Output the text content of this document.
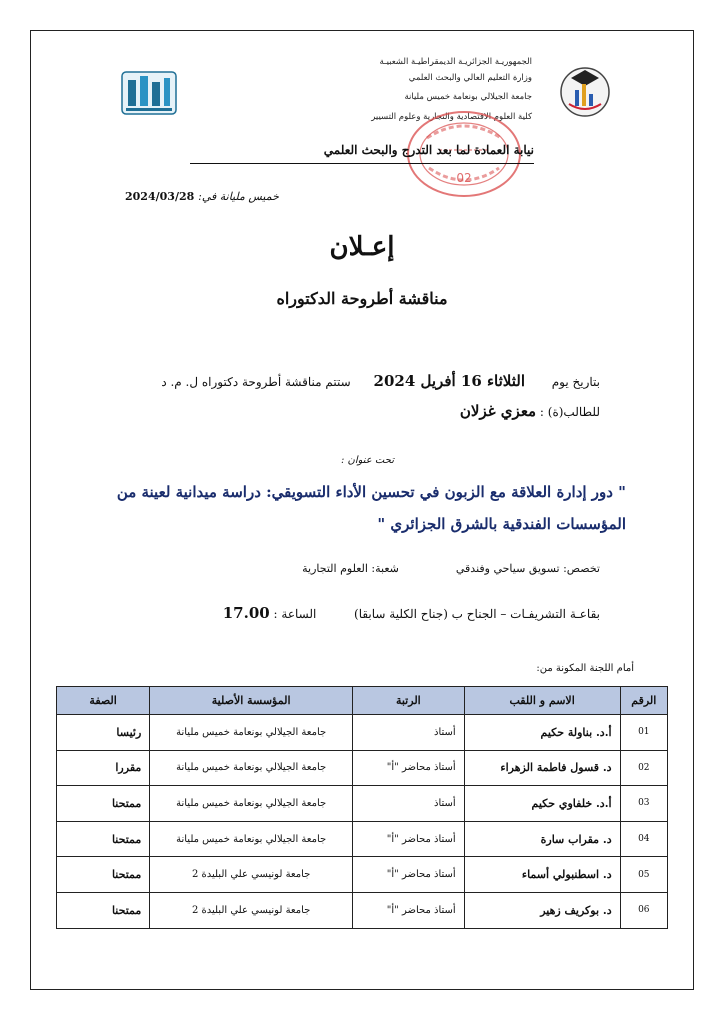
الجمهوريـة الجزائريـة الديمقراطيـة الشعبيـة
وزارة التعليم العالي والبحث العلمي
جامعة الجيلالي بونعامة خميس مليانة
كلية العلوم الاقتصادية والتجارية وعلوم التسيير
02
نيابة العمادة لما بعد التدرج والبحث العلمي
خميس مليانة في: 2024/03/28
إعـلان
مناقشة أطروحة الدكتوراه
بتاريخ يوم       الثلاثاء 16 أفريل 2024      ستتم مناقشة أطروحة دكتوراه ل. م. د
للطالب(ة) : معزي غزلان
تحت عنوان :
" دور إدارة العلاقة مع الزبون في تحسين الأداء التسويقي: دراسة ميدانية لعينة من المؤسسات الفندقية بالشرق الجزائري "
تخصص: تسويق سياحي وفندقي  شعبة: العلوم التجارية
بقاعـة التشريفـات – الجناح ب (جناح الكلية سابقا)  الساعة : 17.00
أمام اللجنة المكونة من:
الرقم	الاسم و اللقب	الرتبة	المؤسسة الأصلية	الصفة
01	أ.د. بناولة حكيم	أستاذ	جامعة الجيلالي بونعامة خميس مليانة	رئيسا
02	د. قسول فاطمة الزهراء	أستاذ محاضر "أ"	جامعة الجيلالي بونعامة خميس مليانة	مقررا
03	أ.د. خلفاوي حكيم	أستاذ	جامعة الجيلالي بونعامة خميس مليانة	ممتحنا
04	د. مقراب سارة	أستاذ محاضر "أ"	جامعة الجيلالي بونعامة خميس مليانة	ممتحنا
05	د. اسطنبولي أسماء	أستاذ محاضر "أ"	جامعة لونيسي علي البليدة 2	ممتحنا
06	د. بوكريف زهير	أستاذ محاضر "أ"	جامعة لونيسي علي البليدة 2	ممتحنا
